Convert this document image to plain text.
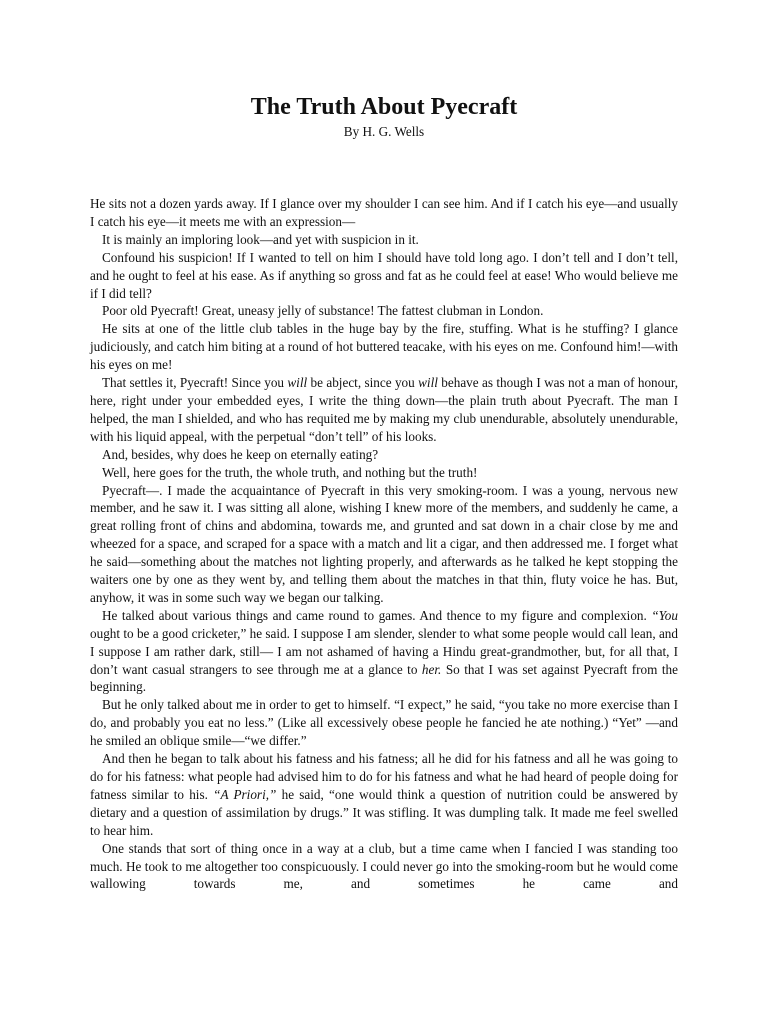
The Truth About Pyecraft
By H. G. Wells

He sits not a dozen yards away. If I glance over my shoulder I can see him. And if I catch his eye—and usually I catch his eye—it meets me with an expression—

It is mainly an imploring look—and yet with suspicion in it.

Confound his suspicion! If I wanted to tell on him I should have told long ago. I don’t tell and I don’t tell, and he ought to feel at his ease. As if anything so gross and fat as he could feel at ease! Who would believe me if I did tell?

Poor old Pyecraft! Great, uneasy jelly of substance! The fattest clubman in London.

He sits at one of the little club tables in the huge bay by the fire, stuffing. What is he stuffing? I glance judiciously, and catch him biting at a round of hot buttered teacake, with his eyes on me. Confound him!—with his eyes on me!

That settles it, Pyecraft! Since you will be abject, since you will behave as though I was not a man of honour, here, right under your embedded eyes, I write the thing down—the plain truth about Pyecraft. The man I helped, the man I shielded, and who has requited me by making my club unendurable, absolutely unendurable, with his liquid appeal, with the perpetual “don’t tell” of his looks.

And, besides, why does he keep on eternally eating?

Well, here goes for the truth, the whole truth, and nothing but the truth!

Pyecraft—. I made the acquaintance of Pyecraft in this very smoking-room. I was a young, nervous new member, and he saw it. I was sitting all alone, wishing I knew more of the members, and suddenly he came, a great rolling front of chins and abdomina, towards me, and grunted and sat down in a chair close by me and wheezed for a space, and scraped for a space with a match and lit a cigar, and then addressed me. I forget what he said—something about the matches not lighting properly, and afterwards as he talked he kept stopping the waiters one by one as they went by, and telling them about the matches in that thin, fluty voice he has. But, anyhow, it was in some such way we began our talking.

He talked about various things and came round to games. And thence to my figure and complexion. “You ought to be a good cricketer,” he said. I suppose I am slender, slender to what some people would call lean, and I suppose I am rather dark, still— I am not ashamed of having a Hindu great-grandmother, but, for all that, I don’t want casual strangers to see through me at a glance to her. So that I was set against Pyecraft from the beginning.

But he only talked about me in order to get to himself. “I expect,” he said, “you take no more exercise than I do, and probably you eat no less.” (Like all excessively obese people he fancied he ate nothing.) “Yet” —and he smiled an oblique smile—“we differ.”

And then he began to talk about his fatness and his fatness; all he did for his fatness and all he was going to do for his fatness: what people had advised him to do for his fatness and what he had heard of people doing for fatness similar to his. “A Priori,” he said, “one would think a question of nutrition could be answered by dietary and a question of assimilation by drugs.” It was stifling. It was dumpling talk. It made me feel swelled to hear him.

One stands that sort of thing once in a way at a club, but a time came when I fancied I was standing too much. He took to me altogether too conspicuously. I could never go into the smoking-room but he would come wallowing towards me, and sometimes he came and
